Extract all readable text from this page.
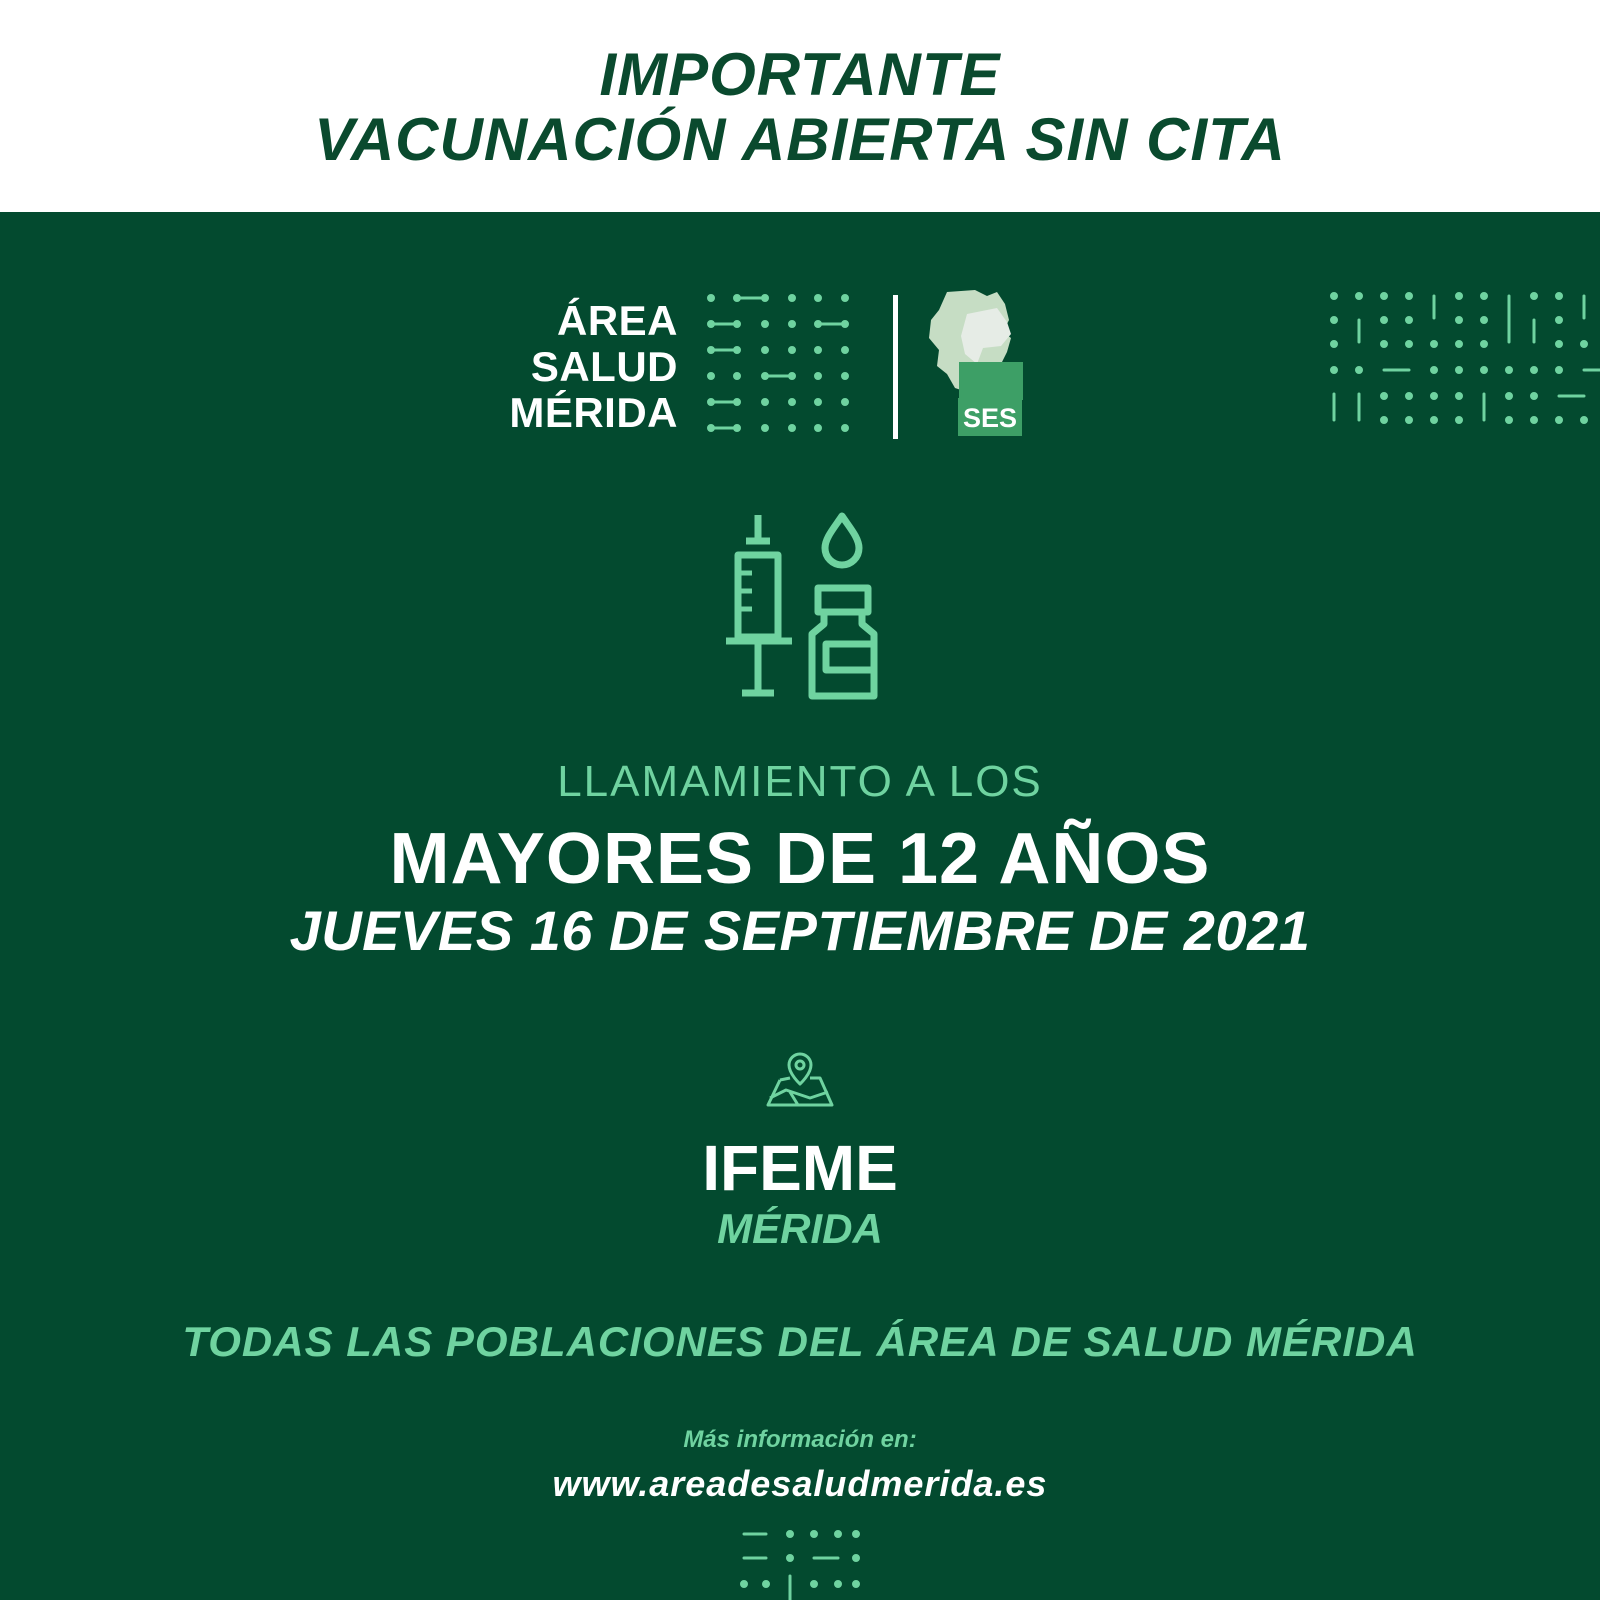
IMPORTANTE
VACUNACIÓN ABIERTA SIN CITA
ÁREA
SALUD
MÉRIDA	SES
LLAMAMIENTO A LOS
MAYORES DE 12 AÑOS
JUEVES 16 DE SEPTIEMBRE DE 2021
IFEME
MÉRIDA
TODAS LAS POBLACIONES DEL ÁREA DE SALUD MÉRIDA
Más información en:
www.areadesaludmerida.es
